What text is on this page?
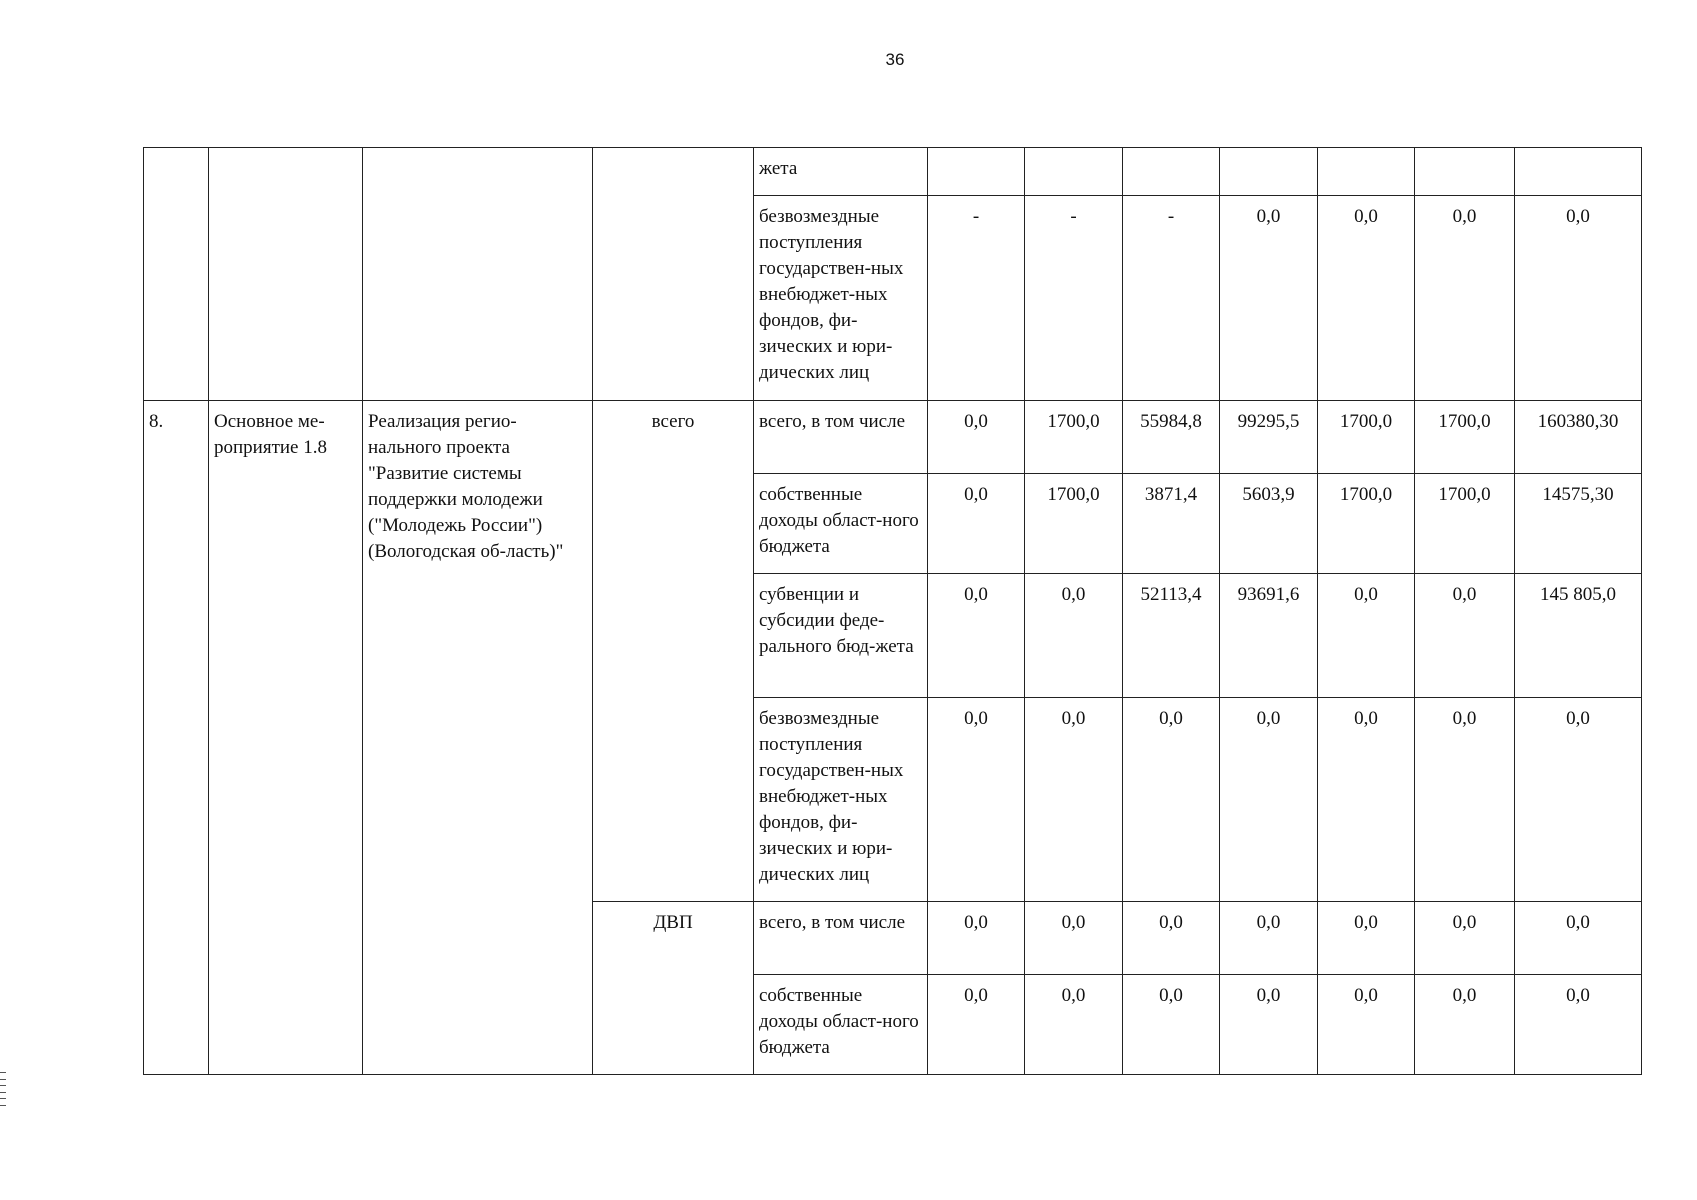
36
				жета							
				безвозмездные поступления государствен-ных внебюджет-ных фондов, фи-зических и юри-дических лиц	-	-	-	0,0	0,0	0,0	0,0
8.	Основное ме-роприятие 1.8	Реализация регио-нального проекта "Развитие системы поддержки молодежи ("Молодежь России") (Вологодская об-ласть)"	всего	всего, в том числе	0,0	1700,0	55984,8	99295,5	1700,0	1700,0	160380,30
				собственные доходы област-ного бюджета	0,0	1700,0	3871,4	5603,9	1700,0	1700,0	14575,30
				субвенции и субсидии феде-рального бюд-жета	0,0	0,0	52113,4	93691,6	0,0	0,0	145 805,0
				безвозмездные поступления государствен-ных внебюджет-ных фондов, фи-зических и юри-дических лиц	0,0	0,0	0,0	0,0	0,0	0,0	0,0
			ДВП	всего, в том числе	0,0	0,0	0,0	0,0	0,0	0,0	0,0
				собственные доходы област-ного бюджета	0,0	0,0	0,0	0,0	0,0	0,0	0,0
